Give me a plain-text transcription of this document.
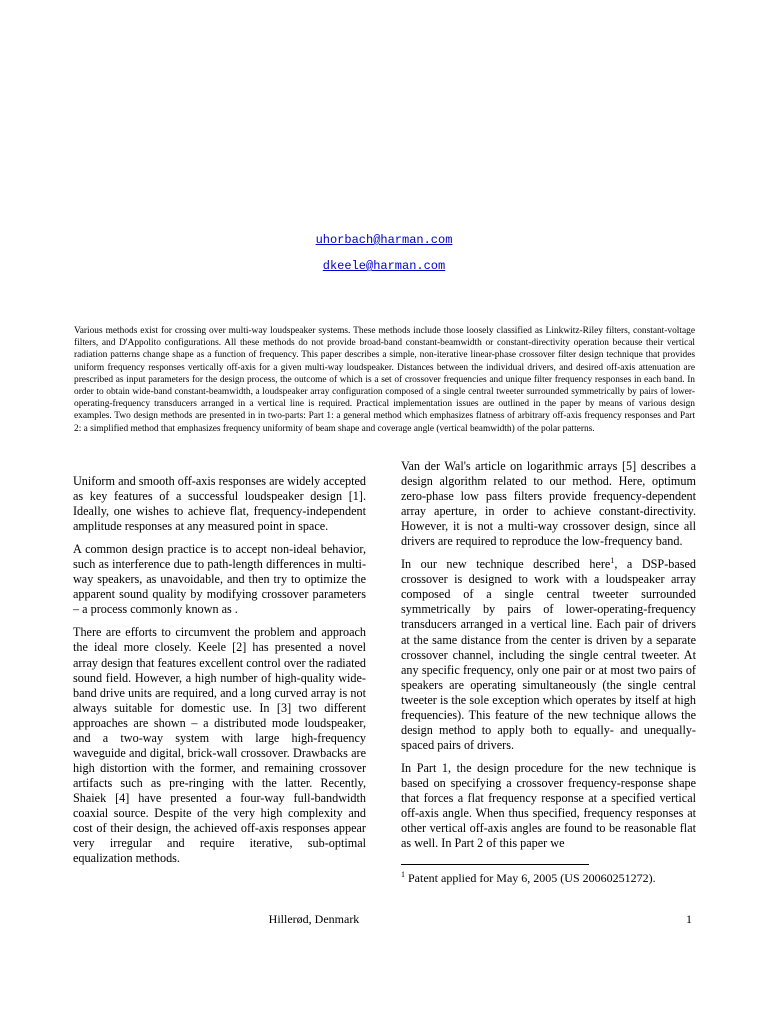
uhorbach@harman.com
dkeele@harman.com
Various methods exist for crossing over multi-way loudspeaker systems. These methods include those loosely classified as Linkwitz-Riley filters, constant-voltage filters, and D'Appolito configurations. All these methods do not provide broad-band constant-beamwidth or constant-directivity operation because their vertical radiation patterns change shape as a function of frequency. This paper describes a simple, non-iterative linear-phase crossover filter design technique that provides uniform frequency responses vertically off-axis for a given multi-way loudspeaker. Distances between the individual drivers, and desired off-axis attenuation are prescribed as input parameters for the design process, the outcome of which is a set of crossover frequencies and unique filter frequency responses in each band. In order to obtain wide-band constant-beamwidth, a loudspeaker array configuration composed of a single central tweeter surrounded symmetrically by pairs of lower-operating-frequency transducers arranged in a vertical line is required. Practical implementation issues are outlined in the paper by means of various design examples. Two design methods are presented in in two-parts: Part 1: a general method which emphasizes flatness of arbitrary off-axis frequency responses and Part 2: a simplified method that emphasizes frequency uniformity of beam shape and coverage angle (vertical beamwidth) of the polar patterns.

Uniform and smooth off-axis responses are widely accepted as key features of a successful loudspeaker design [1]. Ideally, one wishes to achieve flat, frequency-independent amplitude responses at any measured point in space.

A common design practice is to accept non-ideal behavior, such as interference due to path-length differences in multi-way speakers, as unavoidable, and then try to optimize the apparent sound quality by modifying crossover parameters – a process commonly known as .

There are efforts to circumvent the problem and approach the ideal more closely. Keele [2] has presented a novel array design that features excellent control over the radiated sound field. However, a high number of high-quality wide-band drive units are required, and a long curved array is not always suitable for domestic use. In [3] two different approaches are shown – a distributed mode loudspeaker, and a two-way system with large high-frequency waveguide and digital, brick-wall crossover. Drawbacks are high distortion with the former, and remaining crossover artifacts such as pre-ringing with the latter. Recently, Shaiek [4] have presented a four-way full-bandwidth coaxial source. Despite of the very high complexity and cost of their design, the achieved off-axis responses appear very irregular and require iterative, sub-optimal equalization methods.

Van der Wal's article on logarithmic arrays [5] describes a design algorithm related to our method. Here, optimum zero-phase low pass filters provide frequency-dependent array aperture, in order to achieve constant-directivity. However, it is not a multi-way crossover design, since all drivers are required to reproduce the low-frequency band.

In our new technique described here$^1$, a DSP-based crossover is designed to work with a loudspeaker array composed of a single central tweeter surrounded symmetrically by pairs of lower-operating-frequency transducers arranged in a vertical line. Each pair of drivers at the same distance from the center is driven by a separate crossover channel, including the single central tweeter. At any specific frequency, only one pair or at most two pairs of speakers are operating simultaneously (the single central tweeter is the sole exception which operates by itself at high frequencies). This feature of the new technique allows the design method to apply both to equally- and unequally-spaced pairs of drivers.

In Part 1, the design procedure for the new technique is based on specifying a crossover frequency-response shape that forces a flat frequency response at a specified vertical off-axis angle. When thus specified, frequency responses at other vertical off-axis angles are found to be reasonable flat as well. In Part 2 of this paper we

$^1$ Patent applied for May 6, 2005 (US 20060251272).
Hillerød, Denmark	1
